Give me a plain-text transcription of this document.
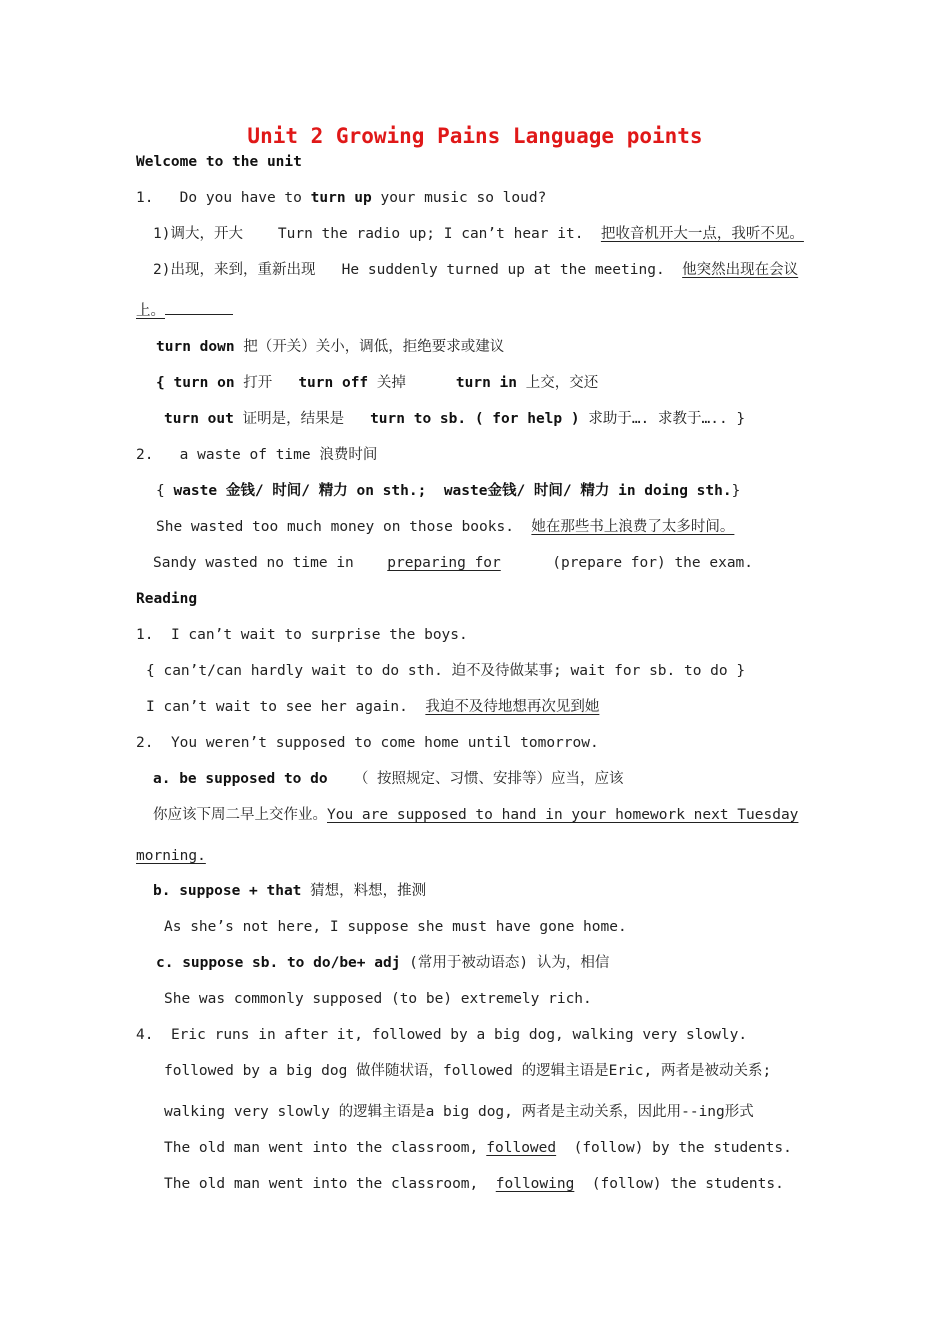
Unit 2 Growing Pains Language points
Welcome to the unit
1. Do you have to turn up your music so loud?
1)调大，开大 Turn the radio up; I can’t hear it. 把收音机开大一点，我听不见。
2)出现，来到，重新出现 He suddenly turned up at the meeting. 他突然出现在会议
上。
turn down 把（开关）关小，调低，拒绝要求或建议
{ turn on 打开 turn off 关掉	turn in 上交，交还
turn out 证明是，结果是 turn to sb. ( for help ) 求助于…. 求教于….. }
2. a waste of time 浪费时间
{ waste 金钱/ 时间/ 精力 on sth.; waste金钱/ 时间/ 精力 in doing sth.}
She wasted too much money on those books. 她在那些书上浪费了太多时间。
Sandy wasted no time in preparing for	(prepare for) the exam.
Reading
1. I can’t wait to surprise the boys.
{ can’t/can hardly wait to do sth. 迫不及待做某事; wait for sb. to do }
I can’t wait to see her again. 我迫不及待地想再次见到她
2. You weren’t supposed to come home until tomorrow.
a. be supposed to do （ 按照规定、习惯、安排等）应当，应该
你应该下周二早上交作业。You are supposed to hand in your homework next Tuesday
morning.
b. suppose + that 猜想，料想，推测
As she’s not here, I suppose she must have gone home.
c. suppose sb. to do/be+ adj (常用于被动语态) 认为，相信
She was commonly supposed (to be) extremely rich.
4. Eric runs in after it, followed by a big dog, walking very slowly.
followed by a big dog 做伴随状语，followed 的逻辑主语是Eric, 两者是被动关系;
walking very slowly 的逻辑主语是a big dog, 两者是主动关系，因此用--ing形式
The old man went into the classroom, followed (follow) by the students.
The old man went into the classroom, following (follow) the students.
